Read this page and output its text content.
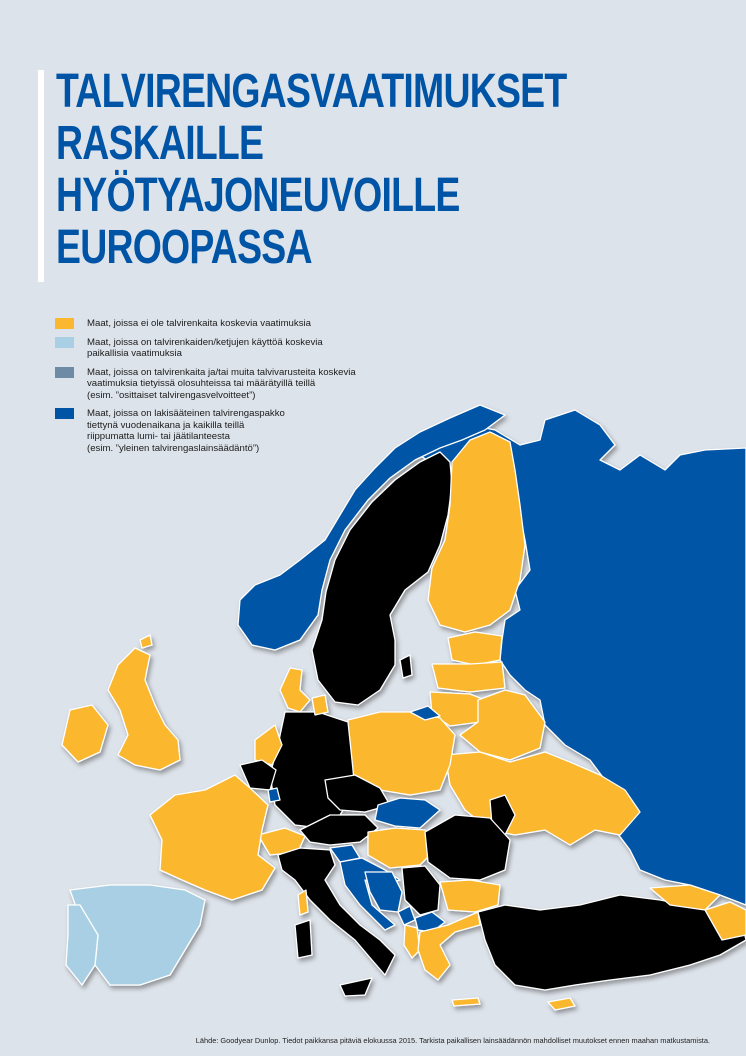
TALVIRENGASVAATIMUKSET
RASKAILLE
HYÖTYAJONEUVOILLE
EUROOPASSA
Maat, joissa ei ole talvirenkaita koskevia vaatimuksia
Maat, joissa on talvirenkaiden/ketjujen käyttöä koskevia
paikallisia vaatimuksia
Maat, joissa on talvirenkaita ja/tai muita talvivarusteita koskevia
vaatimuksia tietyissä olosuhteissa tai määrätyillä teillä
(esim. ”osittaiset talvirengasvelvoitteet”)
Maat, joissa on lakisääteinen talvirengaspakko
tiettynä vuodenaikana ja kaikilla teillä
riippumatta lumi- tai jäätilanteesta
(esim. ”yleinen talvirengaslainsäädäntö”)
Lähde: Goodyear Dunlop. Tiedot paikkansa pitäviä elokuussa 2015. Tarkista paikallisen lainsäädännön mahdolliset muutokset ennen maahan matkustamista.
